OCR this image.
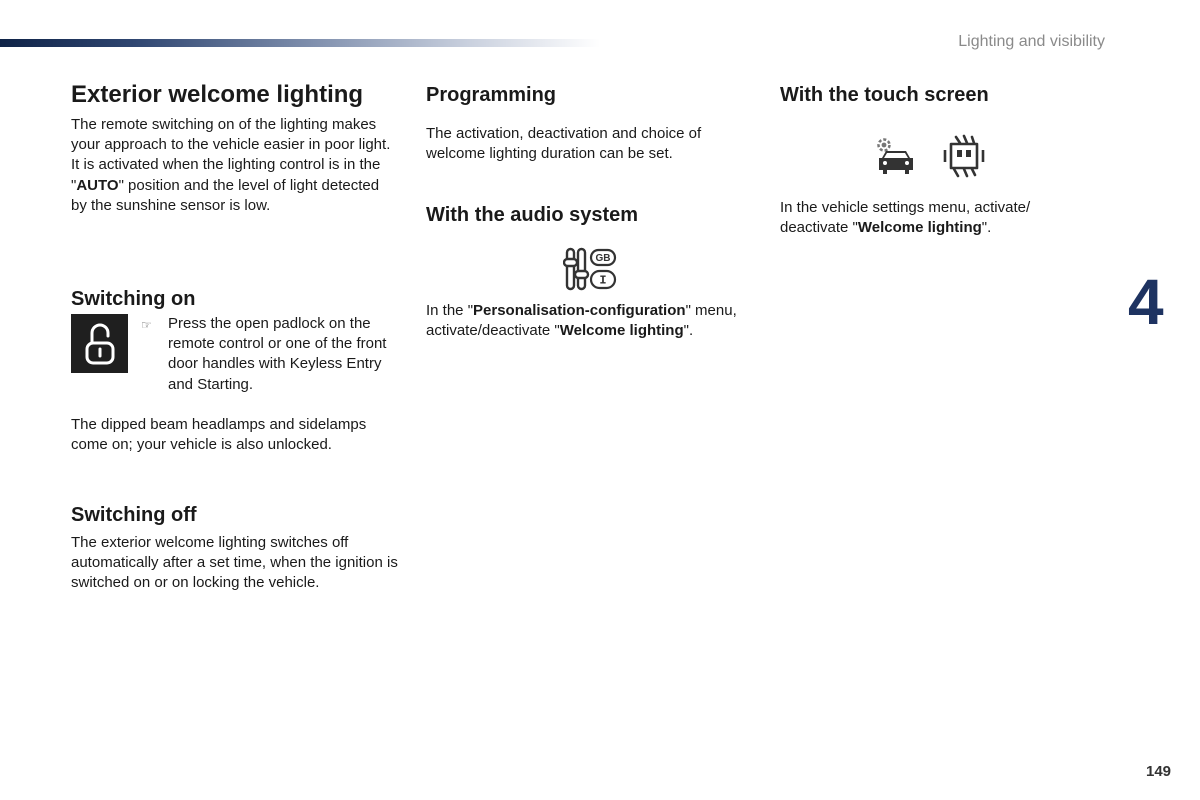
Lighting and visibility
Exterior welcome lighting

The remote switching on of the lighting makes your approach to the vehicle easier in poor light. It is activated when the lighting control is in the "AUTO" position and the level of light detected by the sunshine sensor is low.

Switching on
☞ Press the open padlock on the remote control or one of the front door handles with Keyless Entry and Starting.

The dipped beam headlamps and sidelamps come on; your vehicle is also unlocked.

Switching off

The exterior welcome lighting switches off automatically after a set time, when the ignition is switched on or on locking the vehicle.

Programming

The activation, deactivation and choice of welcome lighting duration can be set.

With the audio system
GB
I

In the "Personalisation-configuration" menu, activate/deactivate "Welcome lighting".

With the touch screen

In the vehicle settings menu, activate/ deactivate "Welcome lighting".

4
149
